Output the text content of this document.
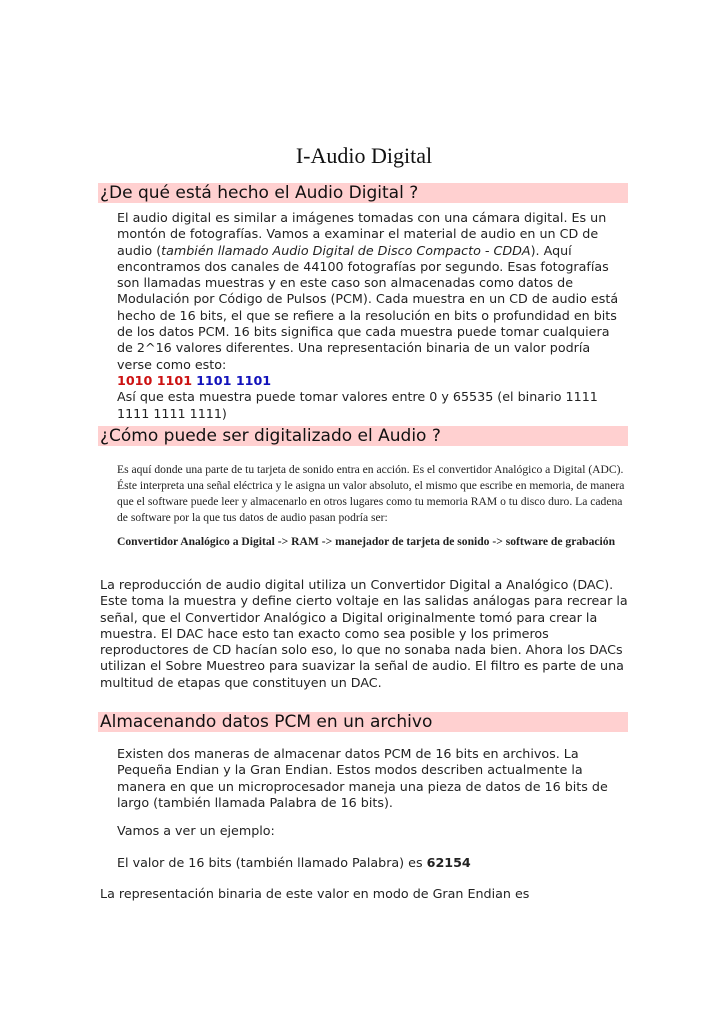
I-Audio Digital
¿De qué está hecho el Audio Digital ?

El audio digital es similar a imágenes tomadas con una cámara digital. Es un montón de fotografías. Vamos a examinar el material de audio en un CD de audio (también llamado Audio Digital de Disco Compacto - CDDA). Aquí encontramos dos canales de 44100 fotografías por segundo. Esas fotografías son llamadas muestras y en este caso son almacenadas como datos de Modulación por Código de Pulsos (PCM). Cada muestra en un CD de audio está hecho de 16 bits, el que se refiere a la resolución en bits o profundidad en bits de los datos PCM. 16 bits significa que cada muestra puede tomar cualquiera de 2^16 valores diferentes. Una representación binaria de un valor podría verse como esto:

1010 1101 1101 1101

Así que esta muestra puede tomar valores entre 0 y 65535 (el binario 1111 1111 1111 1111)

¿Cómo puede ser digitalizado el Audio ?
Es aquí donde una parte de tu tarjeta de sonido entra en acción. Es el convertidor Analógico a Digital (ADC). Éste interpreta una señal eléctrica y le asigna un valor absoluto, el mismo que escribe en memoria, de manera que el software puede leer y almacenarlo en otros lugares como tu memoria RAM o tu disco duro. La cadena de software por la que tus datos de audio pasan podría ser:
Convertidor Analógico a Digital -> RAM -> manejador de tarjeta de sonido -> software de grabación
La reproducción de audio digital utiliza un Convertidor Digital a Analógico (DAC). Este toma la muestra y define cierto voltaje en las salidas análogas para recrear la señal, que el Convertidor Analógico a Digital originalmente tomó para crear la muestra. El DAC hace esto tan exacto como sea posible y los primeros reproductores de CD hacían solo eso, lo que no sonaba nada bien. Ahora los DACs utilizan el Sobre Muestreo para suavizar la señal de audio. El filtro es parte de una multitud de etapas que constituyen un DAC.
Almacenando datos PCM en un archivo
Existen dos maneras de almacenar datos PCM de 16 bits en archivos. La Pequeña Endian y la Gran Endian. Estos modos describen actualmente la manera en que un microprocesador maneja una pieza de datos de 16 bits de largo (también llamada Palabra de 16 bits).
Vamos a ver un ejemplo:
El valor de 16 bits (también llamado Palabra) es 62154
La representación binaria de este valor en modo de Gran Endian es
